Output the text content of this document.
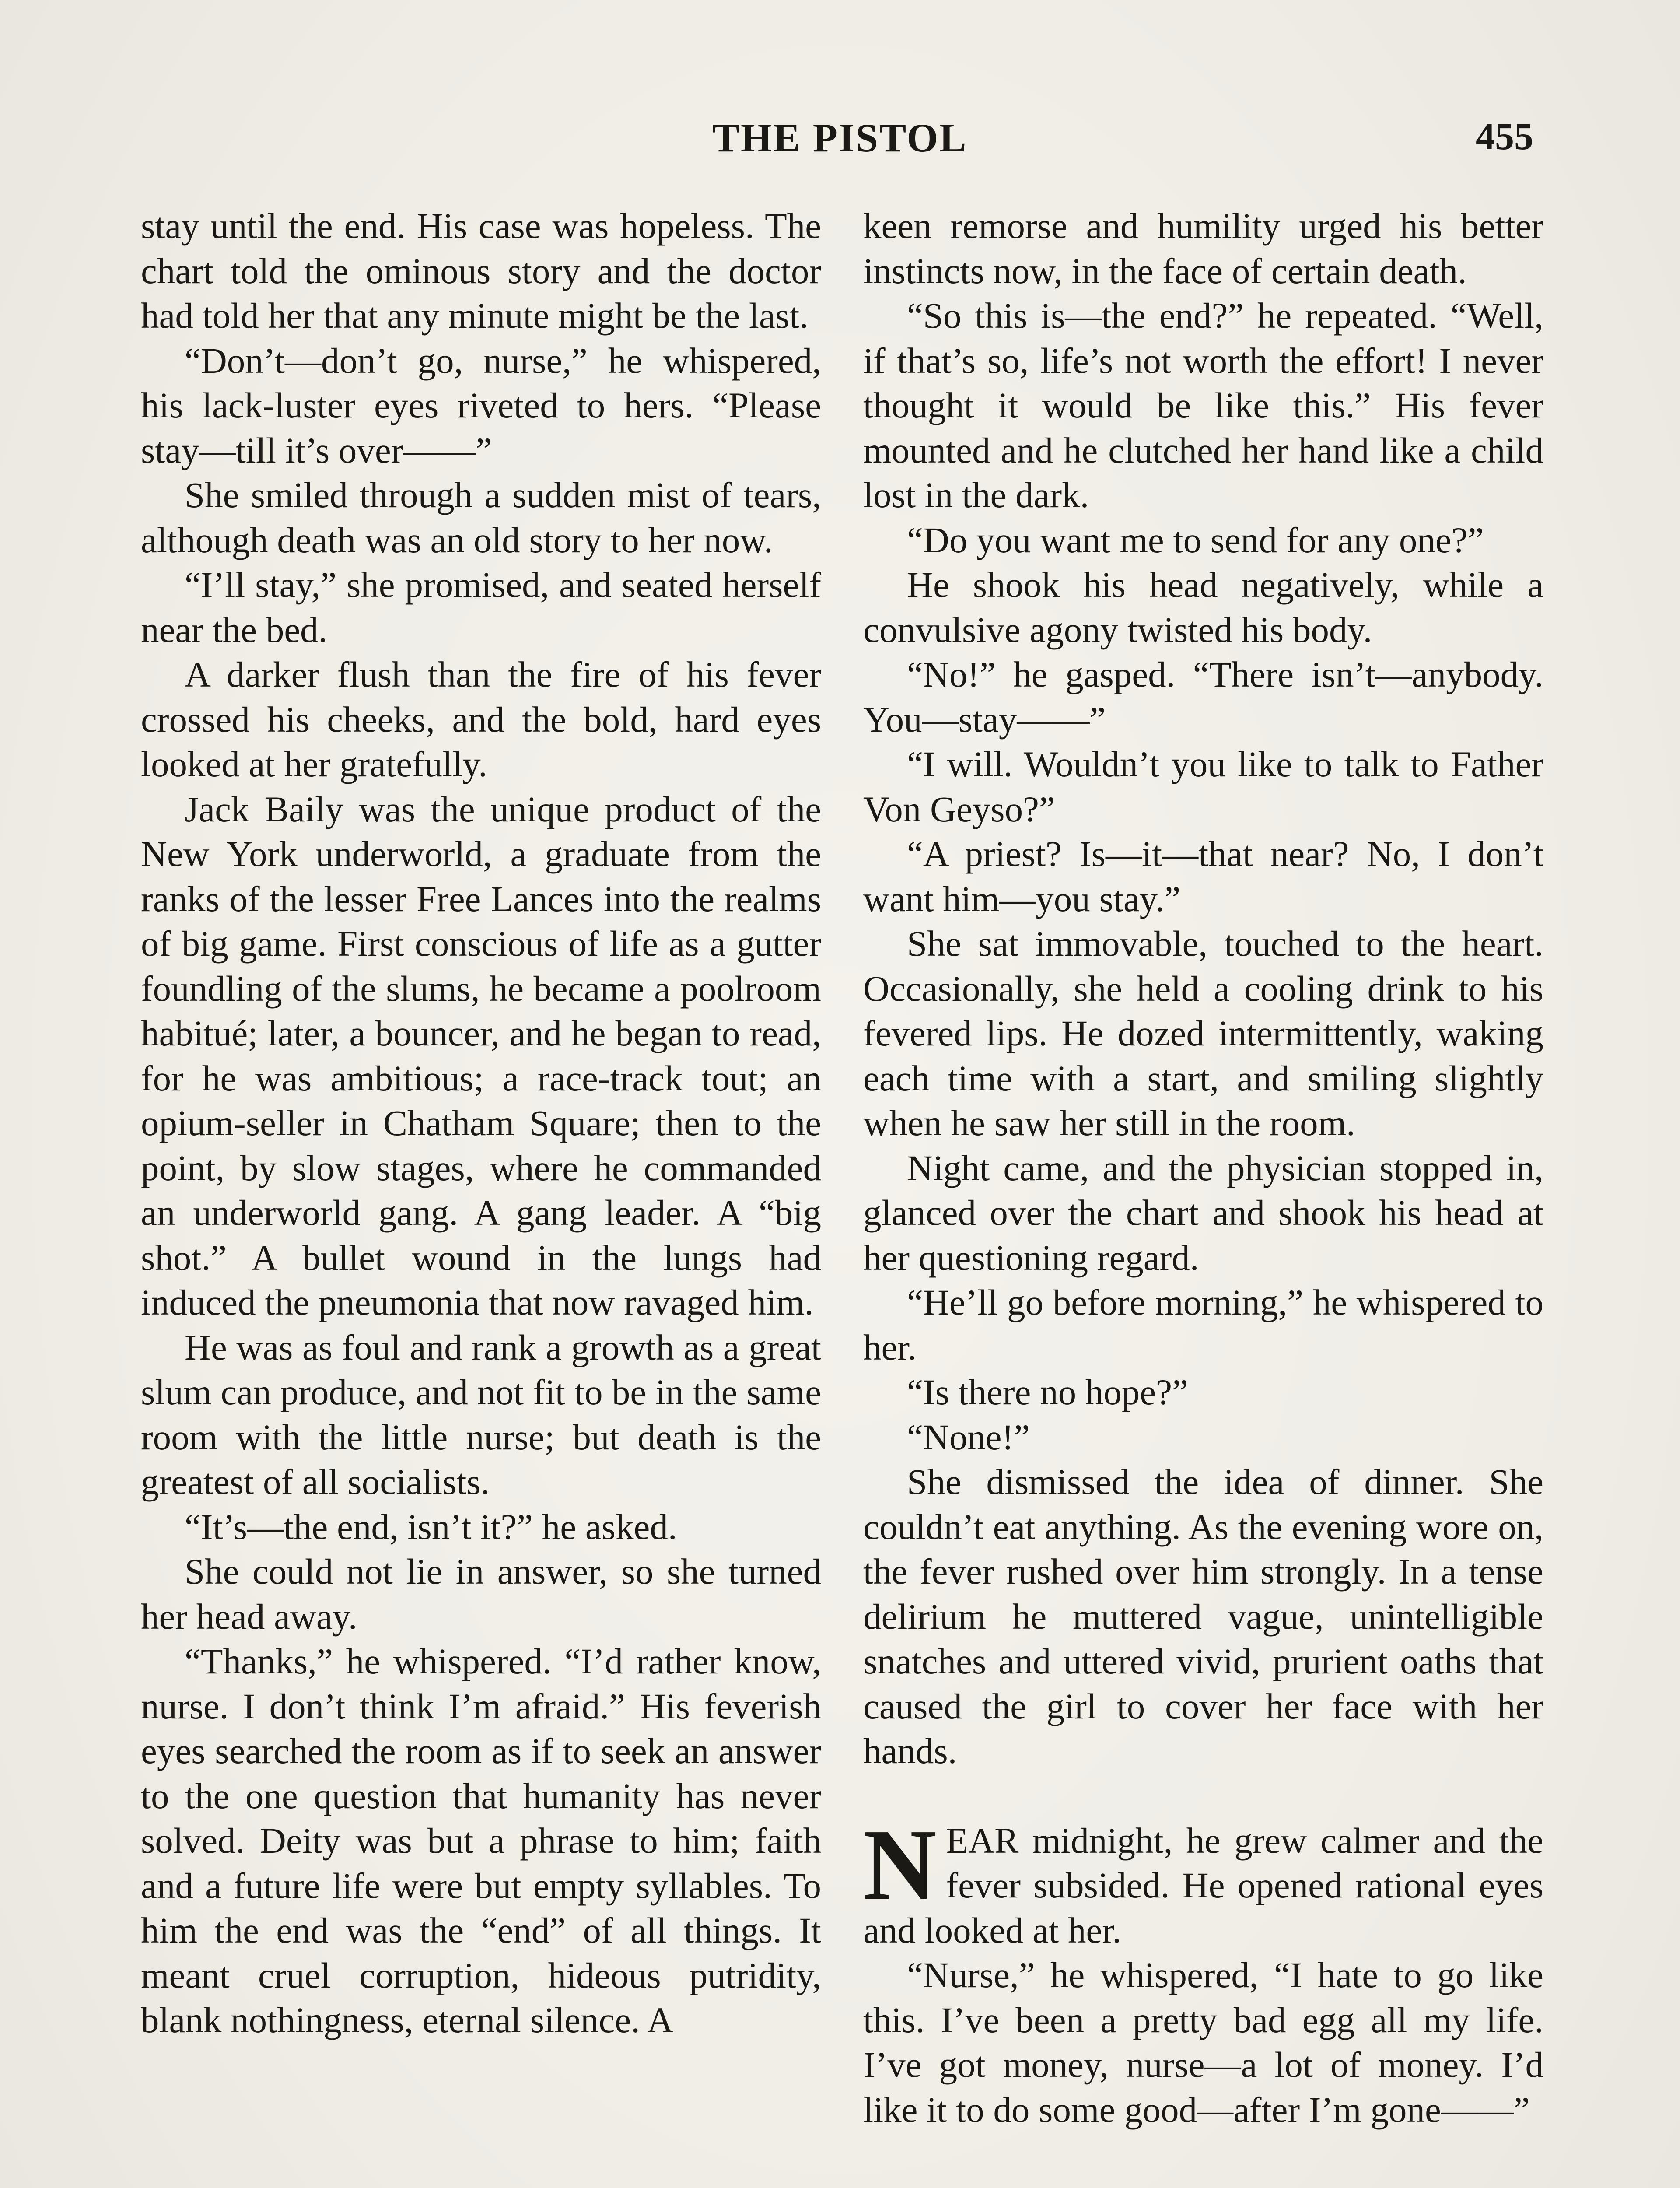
THE PISTOL	455

stay until the end. His case was hopeless. The chart told the ominous story and the doctor had told her that any minute might be the last.

“Don’t—don’t go, nurse,” he whispered, his lack-luster eyes riveted to hers. “Please stay—till it’s over——”

She smiled through a sudden mist of tears, although death was an old story to her now.

“I’ll stay,” she promised, and seated herself near the bed.

A darker flush than the fire of his fever crossed his cheeks, and the bold, hard eyes looked at her gratefully.

Jack Baily was the unique product of the New York underworld, a graduate from the ranks of the lesser Free Lances into the realms of big game. First conscious of life as a gutter foundling of the slums, he became a poolroom habitué; later, a bouncer, and he began to read, for he was ambitious; a race-track tout; an opium-seller in Chatham Square; then to the point, by slow stages, where he commanded an underworld gang. A gang leader. A “big shot.” A bullet wound in the lungs had induced the pneumonia that now ravaged him.

He was as foul and rank a growth as a great slum can produce, and not fit to be in the same room with the little nurse; but death is the greatest of all socialists.

“It’s—the end, isn’t it?” he asked.

She could not lie in answer, so she turned her head away.

“Thanks,” he whispered. “I’d rather know, nurse. I don’t think I’m afraid.” His feverish eyes searched the room as if to seek an answer to the one question that humanity has never solved. Deity was but a phrase to him; faith and a future life were but empty syllables. To him the end was the “end” of all things. It meant cruel corruption, hideous putridity, blank nothingness, eternal silence. A

keen remorse and humility urged his better instincts now, in the face of certain death.

“So this is—the end?” he repeated. “Well, if that’s so, life’s not worth the effort! I never thought it would be like this.” His fever mounted and he clutched her hand like a child lost in the dark.

“Do you want me to send for any one?”

He shook his head negatively, while a convulsive agony twisted his body.

“No!” he gasped. “There isn’t—anybody. You—stay——”

“I will. Wouldn’t you like to talk to Father Von Geyso?”

“A priest? Is—it—that near? No, I don’t want him—you stay.”

She sat immovable, touched to the heart. Occasionally, she held a cooling drink to his fevered lips. He dozed intermittently, waking each time with a start, and smiling slightly when he saw her still in the room.

Night came, and the physician stopped in, glanced over the chart and shook his head at her questioning regard.

“He’ll go before morning,” he whispered to her.

“Is there no hope?”

“None!”

She dismissed the idea of dinner. She couldn’t eat anything. As the evening wore on, the fever rushed over him strongly. In a tense delirium he muttered vague, unintelligible snatches and uttered vivid, prurient oaths that caused the girl to cover her face with her hands.

NEAR midnight, he grew calmer and the fever subsided. He opened rational eyes and looked at her.

“Nurse,” he whispered, “I hate to go like this. I’ve been a pretty bad egg all my life. I’ve got money, nurse—a lot of money. I’d like it to do some good—after I’m gone——”
